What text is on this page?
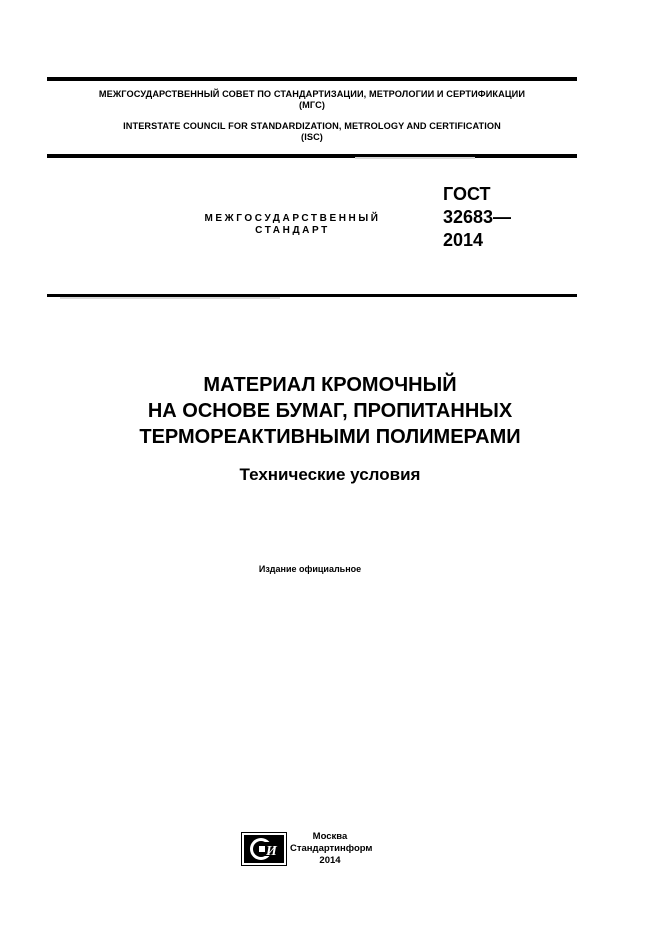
МЕЖГОСУДАРСТВЕННЫЙ СОВЕТ ПО СТАНДАРТИЗАЦИИ, МЕТРОЛОГИИ И СЕРТИФИКАЦИИ
(МГС)
INTERSTATE COUNCIL FOR STANDARDIZATION, METROLOGY AND CERTIFICATION
(ISC)
МЕЖГОСУДАРСТВЕННЫЙ
СТАНДАРТ
ГОСТ
32683—
2014
МАТЕРИАЛ КРОМОЧНЫЙ
НА ОСНОВЕ БУМАГ, ПРОПИТАННЫХ
ТЕРМОРЕАКТИВНЫМИ ПОЛИМЕРАМИ
Технические условия
Издание официальное
И
Москва
Стандартинформ
2014
